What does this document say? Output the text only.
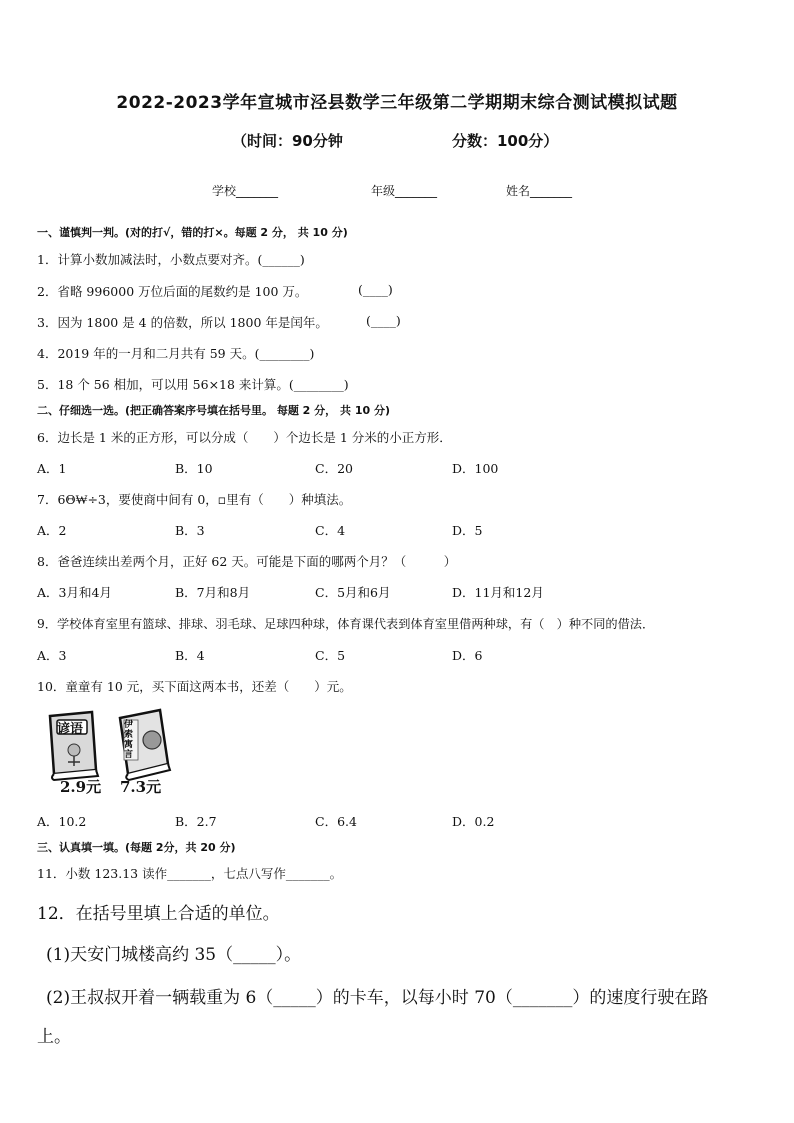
2022-2023学年宣城市泾县数学三年级第二学期期末综合测试模拟试题
（时间：90分钟	分数：100分）
学校_______	年级_______	姓名_______
一、谨慎判一判。(对的打√，错的打×。每题 2 分， 共 10 分)
1．计算小数加减法时，小数点要对齐。(______)
2．省略 996000 万位后面的尾数约是 100 万。	(____)
3．因为 1800 是 4 的倍数，所以 1800 年是闰年。	(____)
4．2019 年的一月和二月共有 59 天。(________)
5．18 个 56 相加，可以用 56×18 来计算。(________)
二、仔细选一选。(把正确答案序号填在括号里。 每题 2 分， 共 10 分)
6．边长是 1 米的正方形，可以分成（　　）个边长是 1 分米的小正方形．
A．1	B．10	C．20	D．100
7．6Θ₩÷3，要使商中间有 0，▫里有（　　）种填法。
A．2	B．3	C．4	D．5
8．爸爸连续出差两个月，正好 62 天。可能是下面的哪两个月？（　　　）
A．3月和4月	B．7月和8月	C．5月和6月	D．11月和12月
9．学校体育室里有篮球、排球、羽毛球、足球四种球，体育课代表到体育室里借两种球，有（　）种不同的借法．
A．3	B．4	C．5	D．6
10．童童有 10 元，买下面这两本书，还差（　　）元。
谚语	伊索寓言
2.9元 7.3元
A．10.2	B．2.7	C．6.4	D．0.2
三、认真填一填。(每题 2分，共 20 分)
11．小数 123.13 读作_______，七点八写作_______。
12．在括号里填上合适的单位。
(1)天安门城楼高约 35（_____）。
(2)王叔叔开着一辆载重为 6（_____）的卡车，以每小时 70（_______）的速度行驶在路
上。
